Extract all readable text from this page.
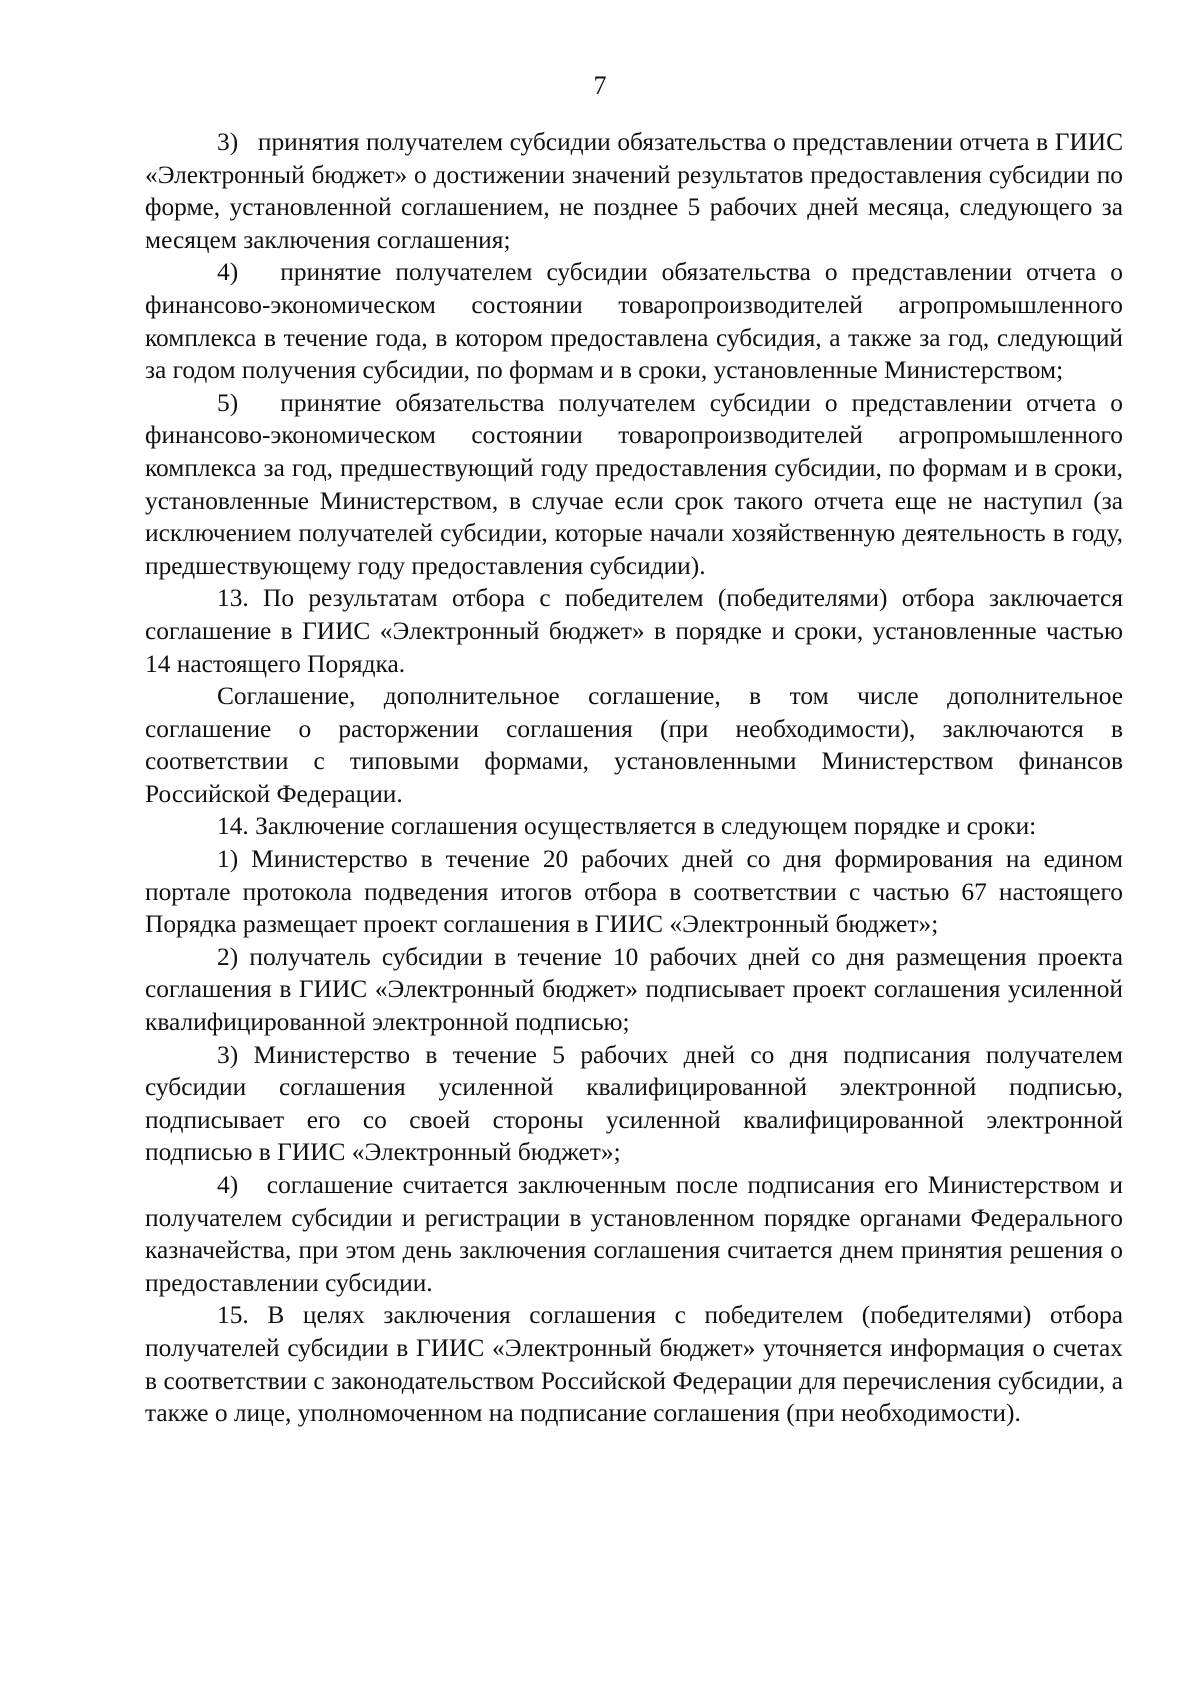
7

3)   принятия получателем субсидии обязательства о представлении отчета в ГИИС «Электронный бюджет» о достижении значений результатов предоставления субсидии по форме, установленной соглашением, не позднее 5 рабочих дней месяца, следующего за месяцем заключения соглашения;

4)   принятие получателем субсидии обязательства о представлении отчета о финансово-экономическом состоянии товаропроизводителей агропромышленного комплекса в течение года, в котором предоставлена субсидия, а также за год, следующий за годом получения субсидии, по формам и в сроки, установленные Министерством;

5)   принятие обязательства получателем субсидии о представлении отчета о финансово-экономическом состоянии товаропроизводителей агропромышленного комплекса за год, предшествующий году предоставления субсидии, по формам и в сроки, установленные Министерством, в случае если срок такого отчета еще не наступил (за исключением получателей субсидии, которые начали хозяйственную деятельность в году, предшествующему году предоставления субсидии).

13. По результатам отбора с победителем (победителями) отбора заключается соглашение в ГИИС «Электронный бюджет» в порядке и сроки, установленные частью 14 настоящего Порядка.

Соглашение, дополнительное соглашение, в том числе дополнительное соглашение о расторжении соглашения (при необходимости), заключаются в соответствии с типовыми формами, установленными Министерством финансов Российской Федерации.

14. Заключение соглашения осуществляется в следующем порядке и сроки:

1) Министерство в течение 20 рабочих дней со дня формирования на едином портале протокола подведения итогов отбора в соответствии с частью 67 настоящего Порядка размещает проект соглашения в ГИИС «Электронный бюджет»;

2) получатель субсидии в течение 10 рабочих дней со дня размещения проекта соглашения в ГИИС «Электронный бюджет» подписывает проект соглашения усиленной квалифицированной электронной подписью;

3) Министерство в течение 5 рабочих дней со дня подписания получателем субсидии соглашения усиленной квалифицированной электронной подписью, подписывает его со своей стороны усиленной квалифицированной электронной подписью в ГИИС «Электронный бюджет»;

4)   соглашение считается заключенным после подписания его Министерством и получателем субсидии и регистрации в установленном порядке органами Федерального казначейства, при этом день заключения соглашения считается днем принятия решения о предоставлении субсидии.

15. В целях заключения соглашения с победителем (победителями) отбора получателей субсидии в ГИИС «Электронный бюджет» уточняется информация о счетах в соответствии с законодательством Российской Федерации для перечисления субсидии, а также о лице, уполномоченном на подписание соглашения (при необходимости).
